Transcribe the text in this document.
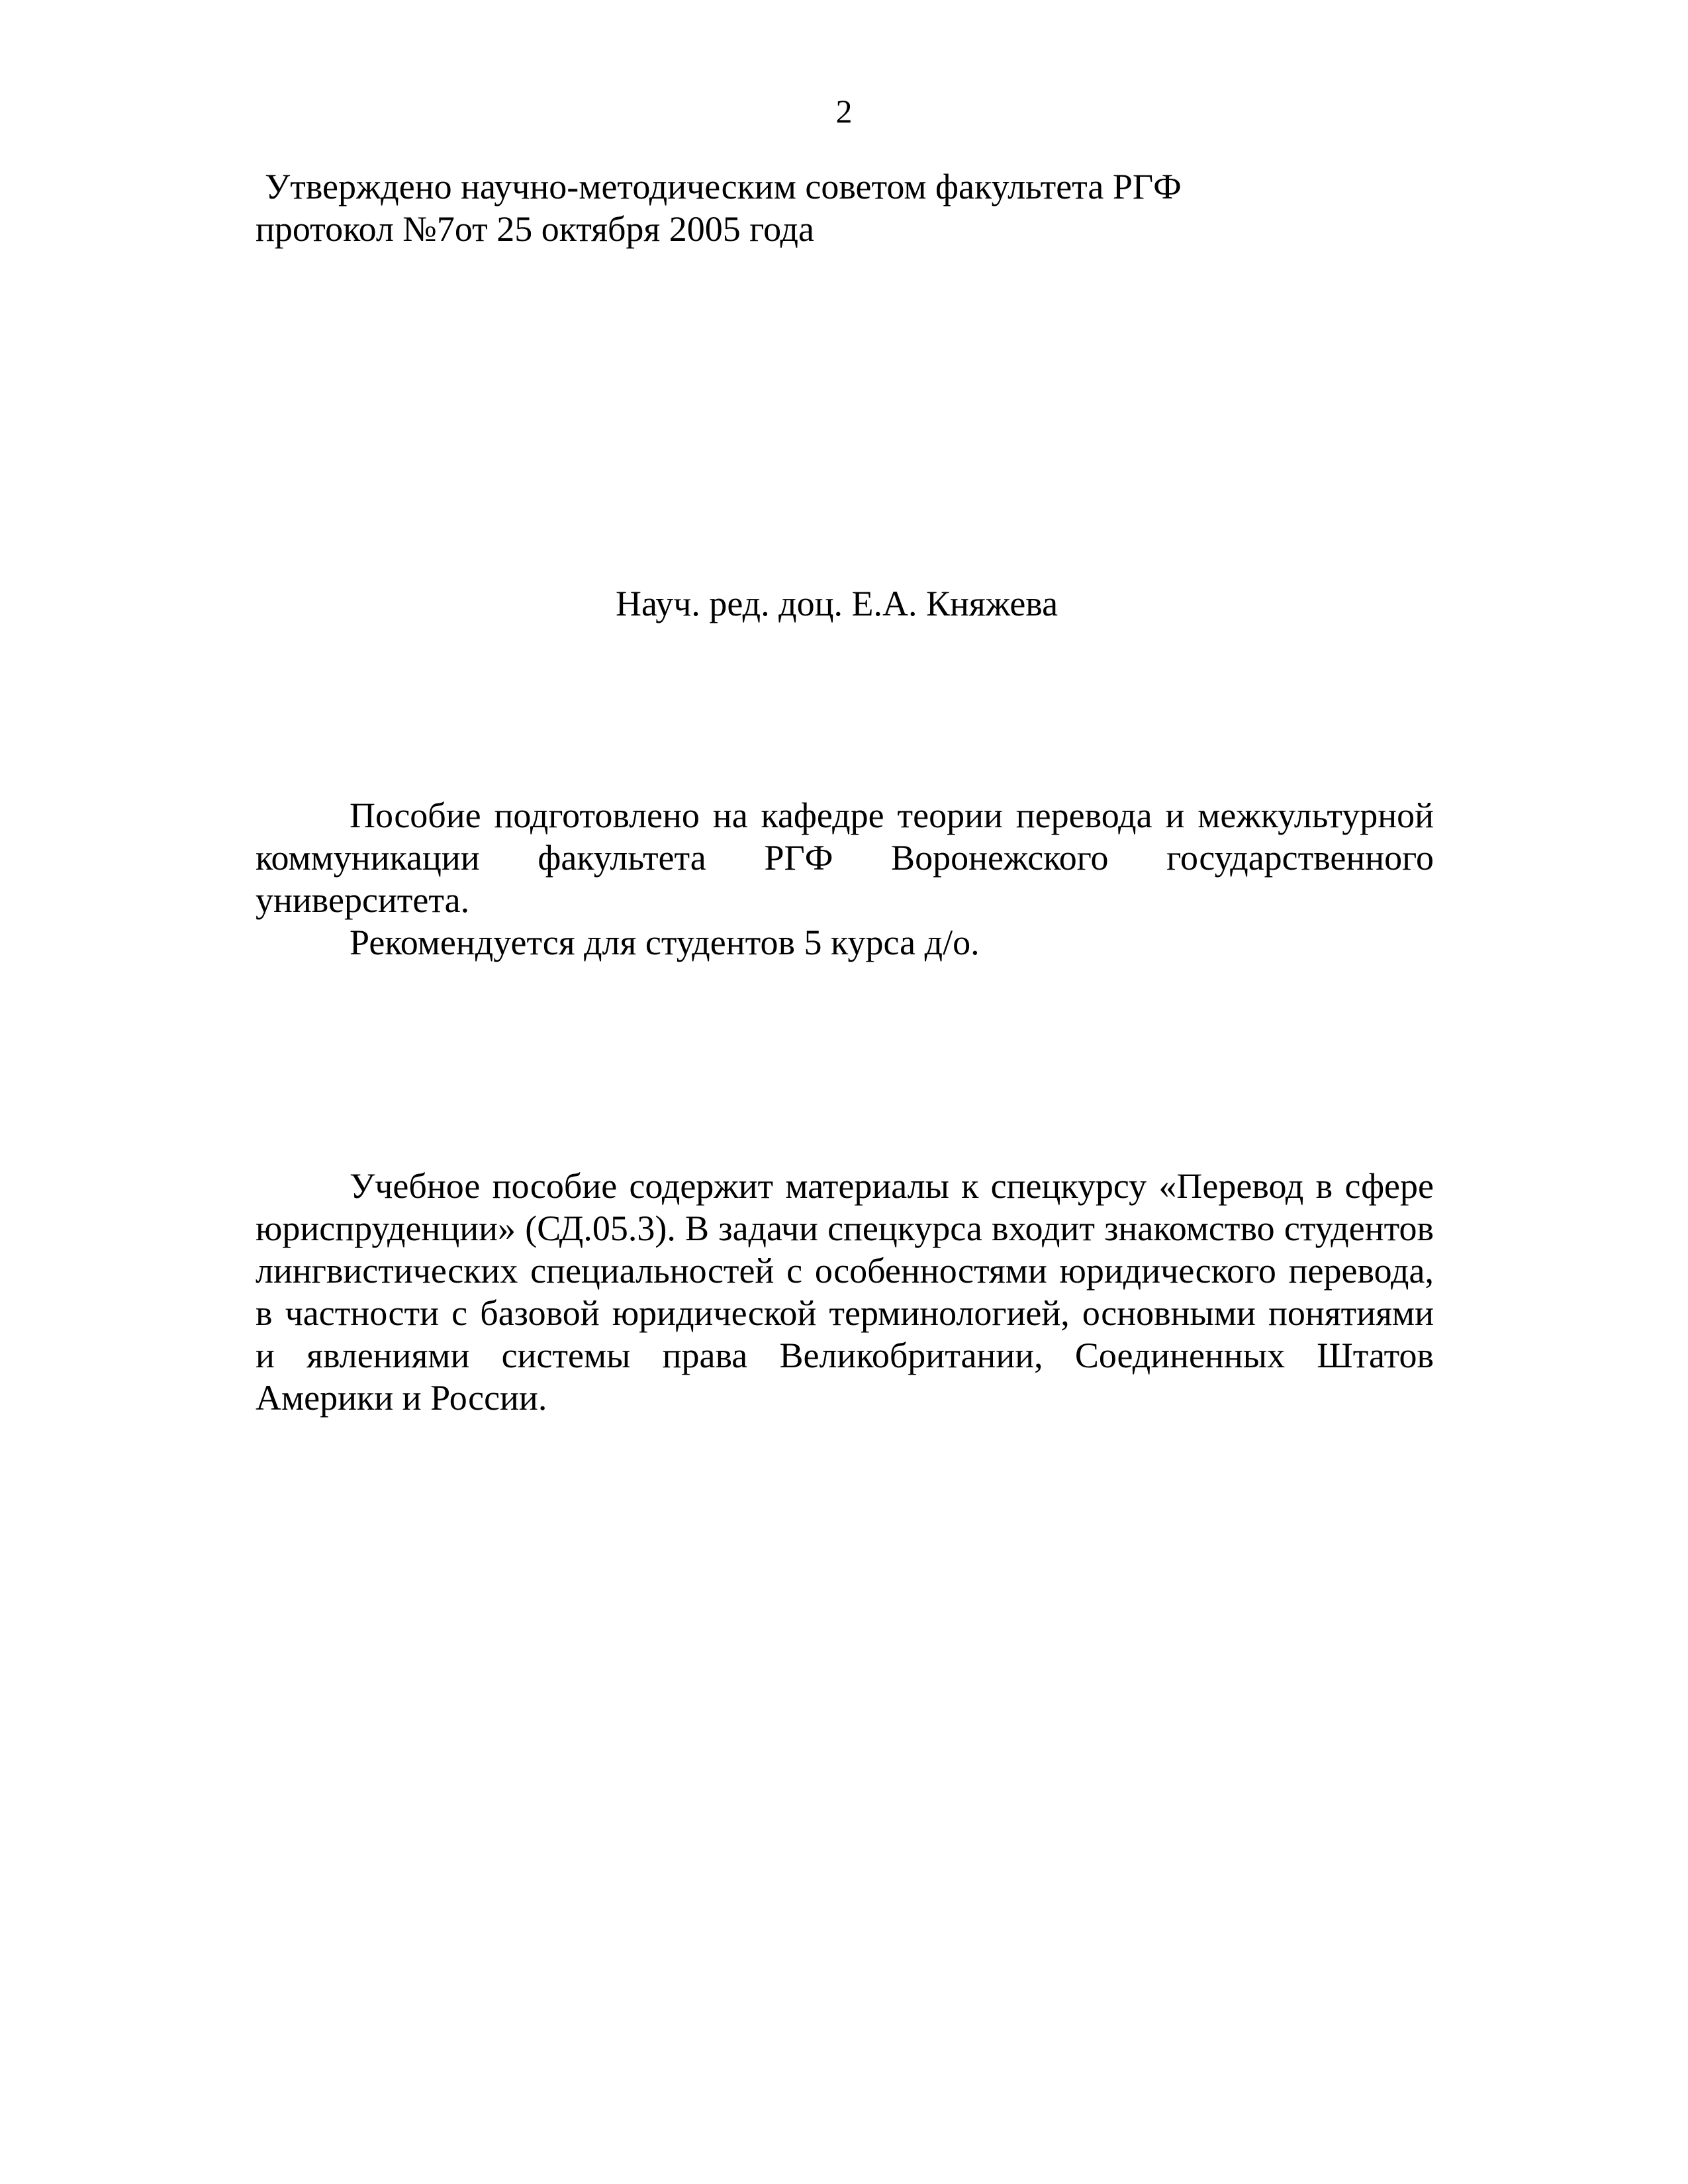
2
Утверждено научно-методическим советом факультета РГФ
протокол №7от 25 октября 2005 года
Науч. ред. доц. Е.А. Княжева

Пособие подготовлено на кафедре теории перевода и межкультурной коммуникации факультета РГФ Воронежского государственного университета.

Рекомендуется для студентов 5 курса д/о.

Учебное пособие содержит материалы к спецкурсу «Перевод в сфере юриспруденции» (СД.05.3). В задачи спецкурса входит знакомство студентов лингвистических специальностей с особенностями юридического перевода, в частности с базовой юридической терминологией, основными понятиями и явлениями системы права Великобритании, Соединенных Штатов Америки и России.
